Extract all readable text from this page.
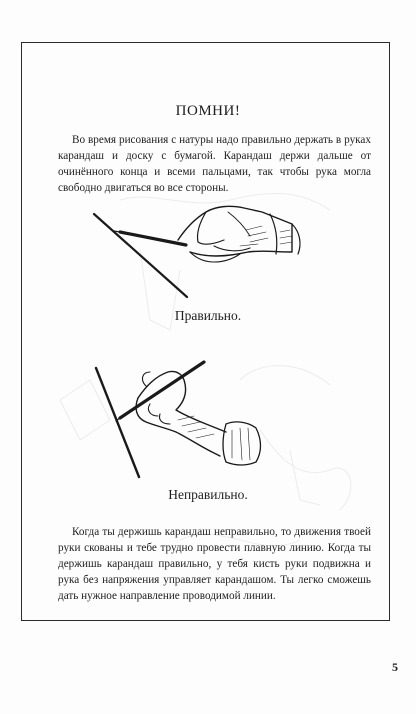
ПОМНИ!

Во время рисования с натуры надо правильно держать в руках карандаш и доску с бумагой. Карандаш держи дальше от очинённого конца и всеми пальцами, так чтобы рука могла свободно двигаться во все стороны.

Правильно.
Неправильно.

Когда ты держишь карандаш неправильно, то движения твоей руки скованы и тебе трудно провести плавную линию. Когда ты держишь карандаш правильно, у тебя кисть руки подвижна и рука без напряжения управляет карандашом. Ты легко сможешь дать нужное направление проводимой линии.

5
